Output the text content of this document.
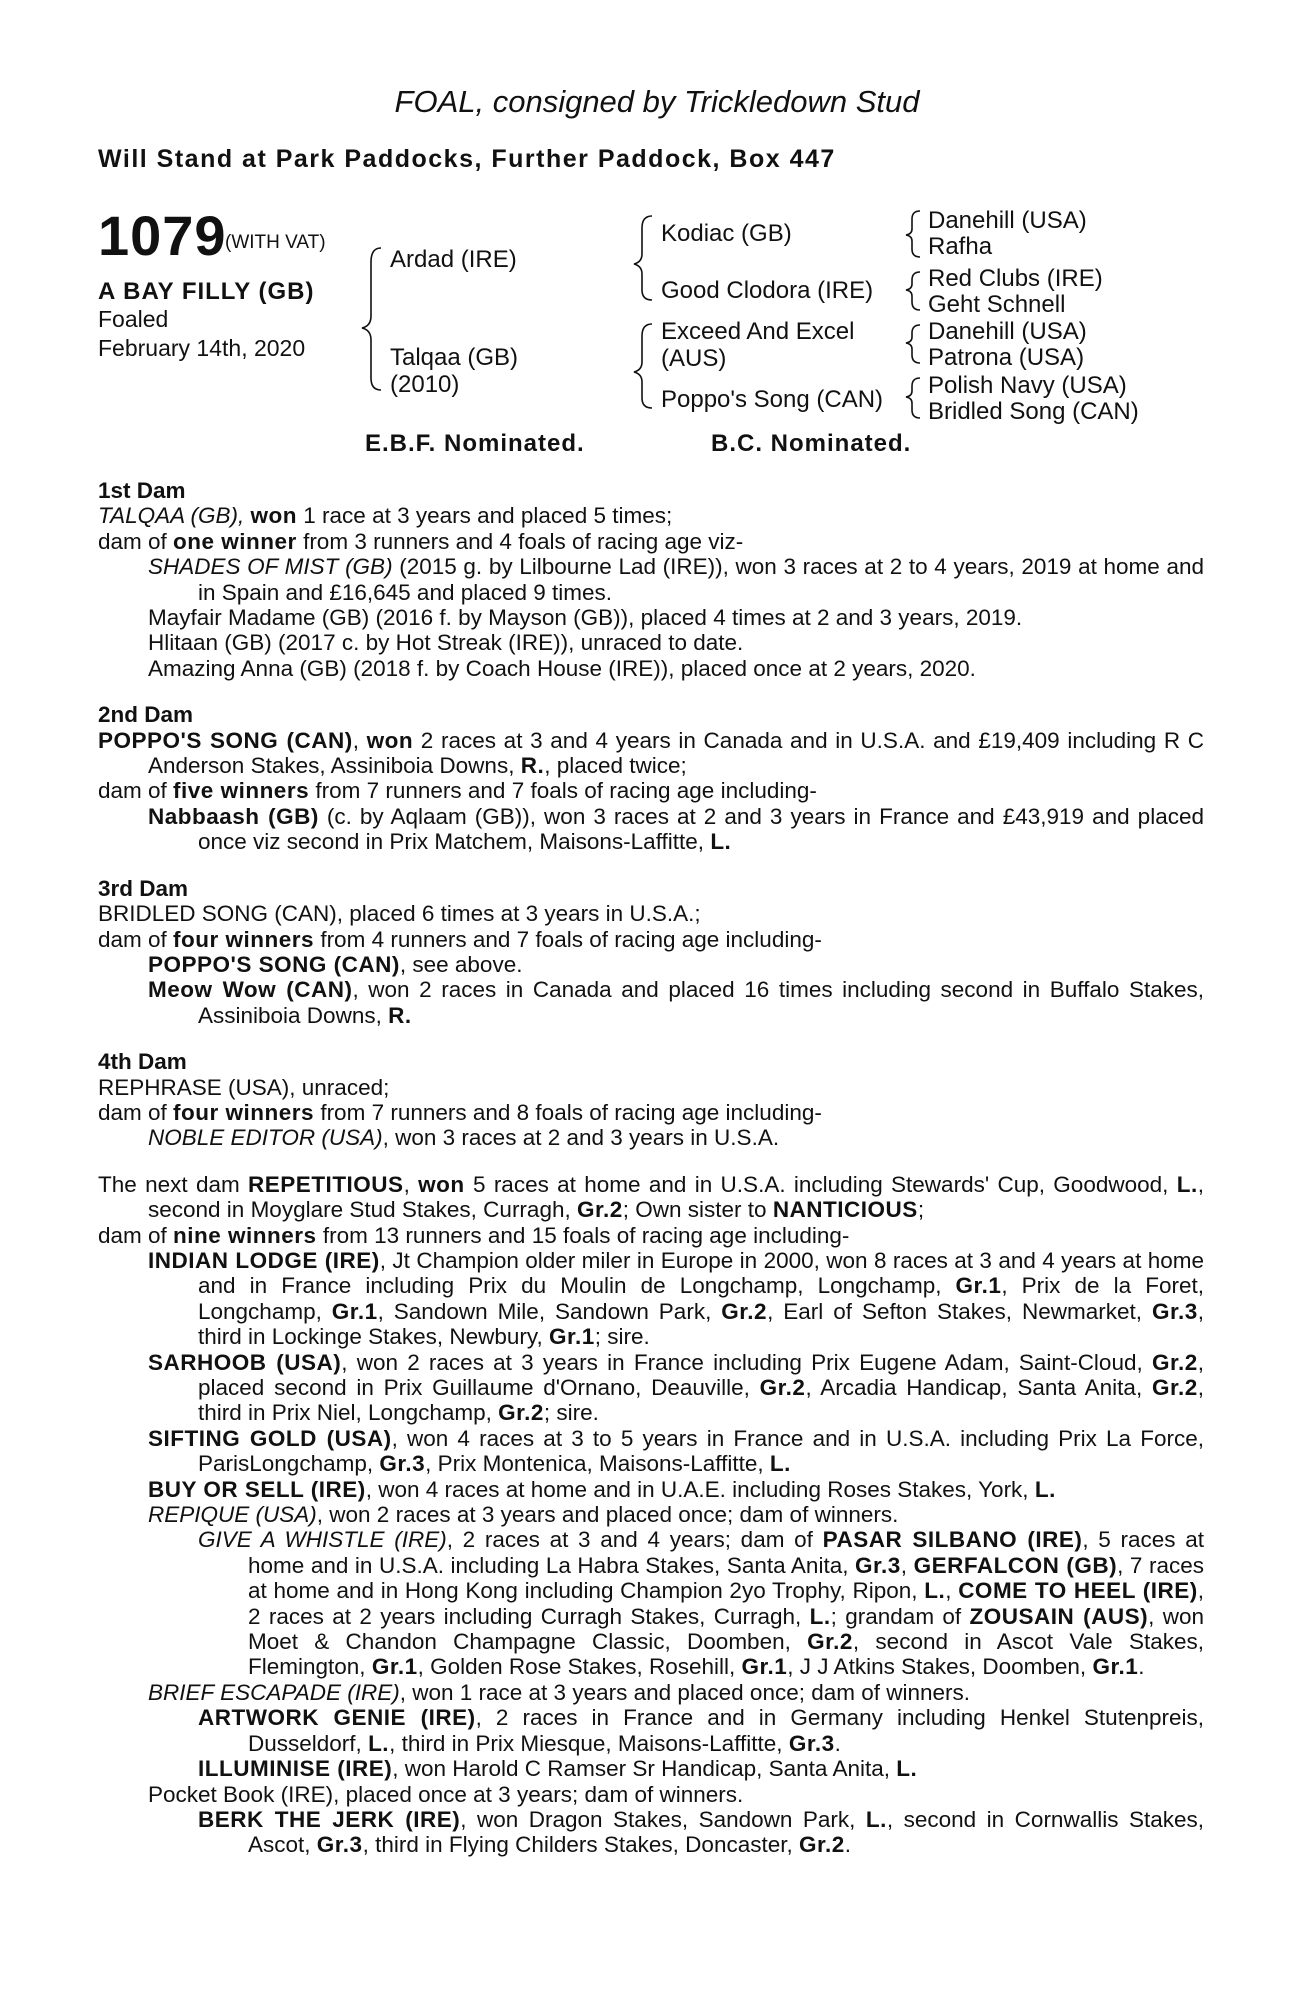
FOAL, consigned by Trickledown Stud
Will Stand at Park Paddocks, Further Paddock, Box 447
1079
(WITH VAT)
A BAY FILLY (GB)
Foaled
February 14th, 2020
Ardad (IRE)
Talqaa (GB)
(2010)
Kodiac (GB)
Good Clodora (IRE)
Exceed And Excel
(AUS)
Poppo's Song (CAN)
Danehill (USA)
Rafha
Red Clubs (IRE)
Geht Schnell
Danehill (USA)
Patrona (USA)
Polish Navy (USA)
Bridled Song (CAN)
E.B.F. Nominated.	B.C. Nominated.

1st Dam

TALQAA (GB), won 1 race at 3 years and placed 5 times;

dam of one winner from 3 runners and 4 foals of racing age viz-

SHADES OF MIST (GB) (2015 g. by Lilbourne Lad (IRE)), won 3 races at 2 to 4 years, 2019 at home and in Spain and £16,645 and placed 9 times.

Mayfair Madame (GB) (2016 f. by Mayson (GB)), placed 4 times at 2 and 3 years, 2019.

Hlitaan (GB) (2017 c. by Hot Streak (IRE)), unraced to date.

Amazing Anna (GB) (2018 f. by Coach House (IRE)), placed once at 2 years, 2020.

2nd Dam

POPPO'S SONG (CAN), won 2 races at 3 and 4 years in Canada and in U.S.A. and £19,409 including R C Anderson Stakes, Assiniboia Downs, R., placed twice;

dam of five winners from 7 runners and 7 foals of racing age including-

Nabbaash (GB) (c. by Aqlaam (GB)), won 3 races at 2 and 3 years in France and £43,919 and placed once viz second in Prix Matchem, Maisons-Laffitte, L.

3rd Dam

BRIDLED SONG (CAN), placed 6 times at 3 years in U.S.A.;

dam of four winners from 4 runners and 7 foals of racing age including-

POPPO'S SONG (CAN), see above.

Meow Wow (CAN), won 2 races in Canada and placed 16 times including second in Buffalo Stakes, Assiniboia Downs, R.

4th Dam

REPHRASE (USA), unraced;

dam of four winners from 7 runners and 8 foals of racing age including-

NOBLE EDITOR (USA), won 3 races at 2 and 3 years in U.S.A.

The next dam REPETITIOUS, won 5 races at home and in U.S.A. including Stewards' Cup, Goodwood, L., second in Moyglare Stud Stakes, Curragh, Gr.2; Own sister to NANTICIOUS;

dam of nine winners from 13 runners and 15 foals of racing age including-

INDIAN LODGE (IRE), Jt Champion older miler in Europe in 2000, won 8 races at 3 and 4 years at home and in France including Prix du Moulin de Longchamp, Longchamp, Gr.1, Prix de la Foret, Longchamp, Gr.1, Sandown Mile, Sandown Park, Gr.2, Earl of Sefton Stakes, Newmarket, Gr.3, third in Lockinge Stakes, Newbury, Gr.1; sire.

SARHOOB (USA), won 2 races at 3 years in France including Prix Eugene Adam, Saint-Cloud, Gr.2, placed second in Prix Guillaume d'Ornano, Deauville, Gr.2, Arcadia Handicap, Santa Anita, Gr.2, third in Prix Niel, Longchamp, Gr.2; sire.

SIFTING GOLD (USA), won 4 races at 3 to 5 years in France and in U.S.A. including Prix La Force, ParisLongchamp, Gr.3, Prix Montenica, Maisons-Laffitte, L.

BUY OR SELL (IRE), won 4 races at home and in U.A.E. including Roses Stakes, York, L.

REPIQUE (USA), won 2 races at 3 years and placed once; dam of winners.

GIVE A WHISTLE (IRE), 2 races at 3 and 4 years; dam of PASAR SILBANO (IRE), 5 races at home and in U.S.A. including La Habra Stakes, Santa Anita, Gr.3, GERFALCON (GB), 7 races at home and in Hong Kong including Champion 2yo Trophy, Ripon, L., COME TO HEEL (IRE), 2 races at 2 years including Curragh Stakes, Curragh, L.; grandam of ZOUSAIN (AUS), won Moet & Chandon Champagne Classic, Doomben, Gr.2, second in Ascot Vale Stakes, Flemington, Gr.1, Golden Rose Stakes, Rosehill, Gr.1, J J Atkins Stakes, Doomben, Gr.1.

BRIEF ESCAPADE (IRE), won 1 race at 3 years and placed once; dam of winners.

ARTWORK GENIE (IRE), 2 races in France and in Germany including Henkel Stutenpreis, Dusseldorf, L., third in Prix Miesque, Maisons-Laffitte, Gr.3.

ILLUMINISE (IRE), won Harold C Ramser Sr Handicap, Santa Anita, L.

Pocket Book (IRE), placed once at 3 years; dam of winners.

BERK THE JERK (IRE), won Dragon Stakes, Sandown Park, L., second in Cornwallis Stakes, Ascot, Gr.3, third in Flying Childers Stakes, Doncaster, Gr.2.
